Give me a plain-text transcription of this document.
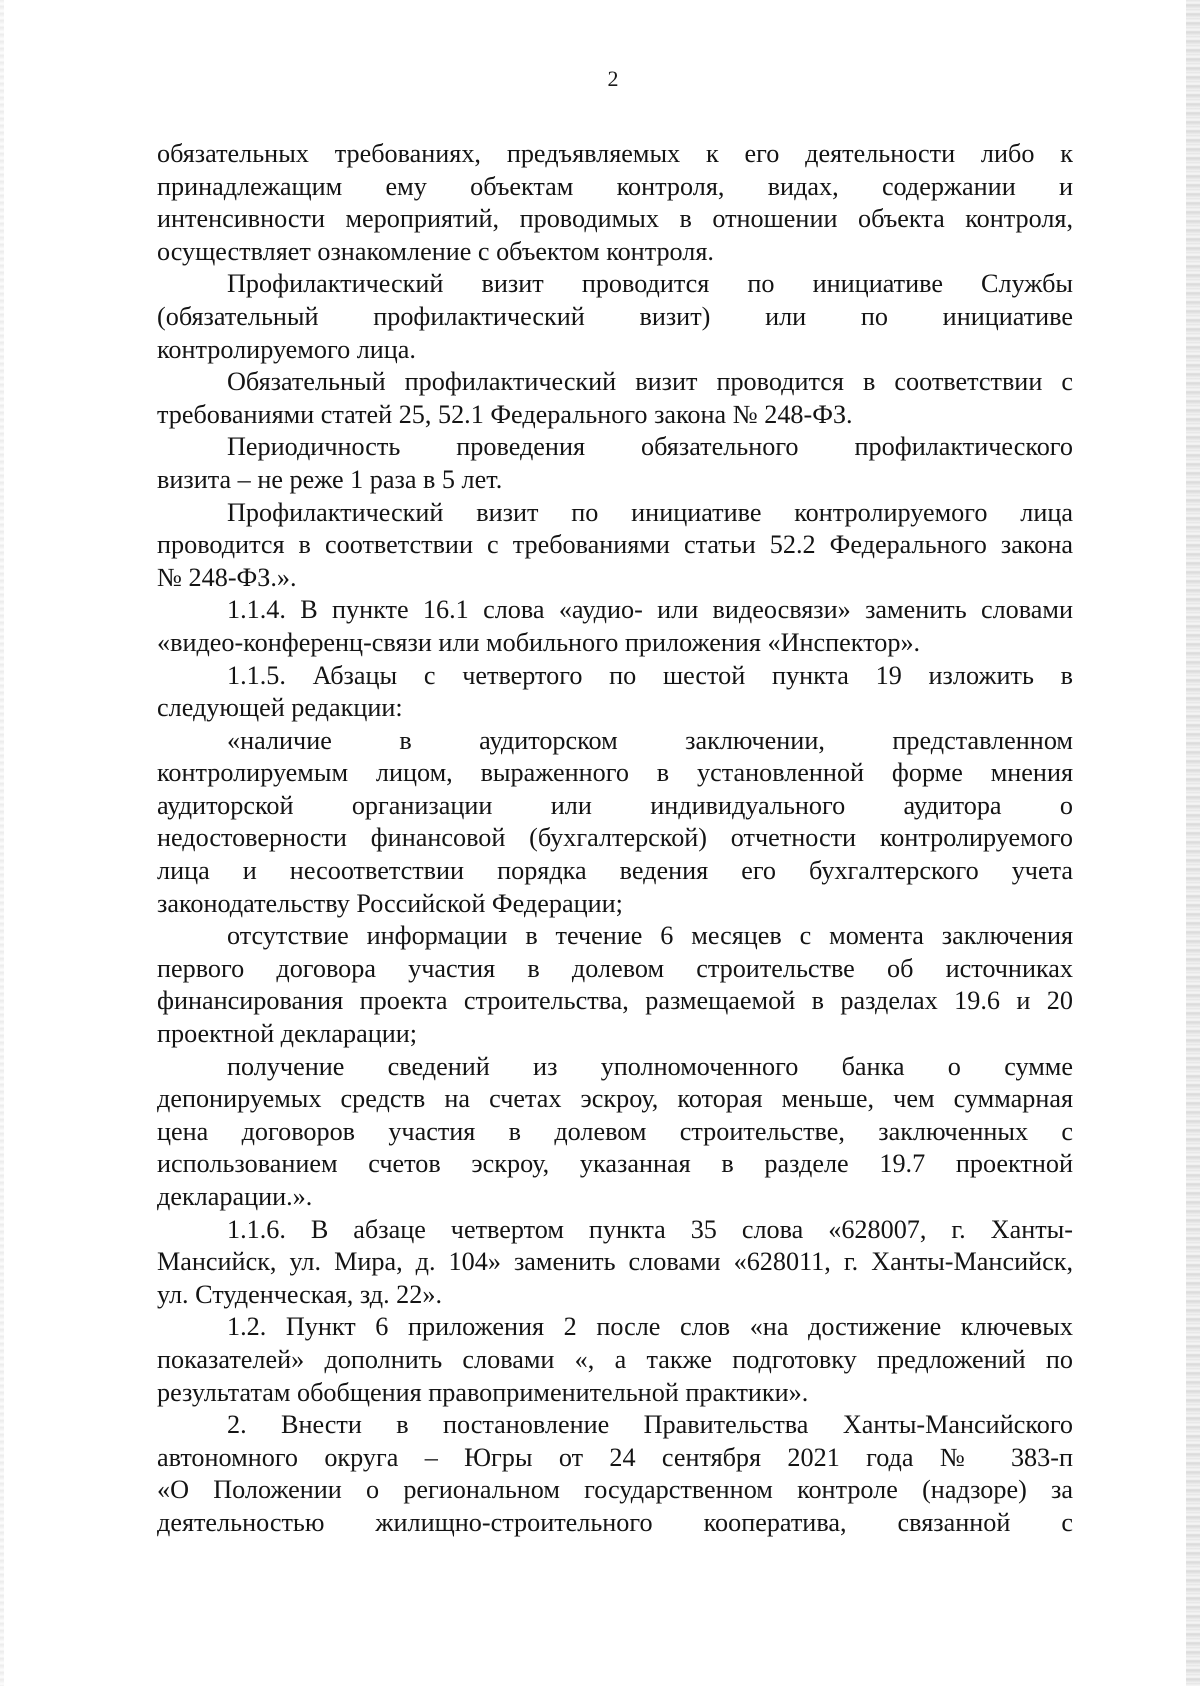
2
обязательных требованиях, предъявляемых к его деятельности либо к
принадлежащим ему объектам контроля, видах, содержании и
интенсивности мероприятий, проводимых в отношении объекта контроля,
осуществляет ознакомление с объектом контроля.
Профилактический визит проводится по инициативе Службы
(обязательный профилактический визит) или по инициативе
контролируемого лица.
Обязательный профилактический визит проводится в соответствии с
требованиями статей 25, 52.1 Федерального закона № 248-ФЗ.
Периодичность проведения обязательного профилактического
визита – не реже 1 раза в 5 лет.
Профилактический визит по инициативе контролируемого лица
проводится в соответствии с требованиями статьи 52.2 Федерального закона
№ 248-ФЗ.».
1.1.4. В пункте 16.1 слова «аудио- или видеосвязи» заменить словами
«видео-конференц-связи или мобильного приложения «Инспектор».
1.1.5. Абзацы с четвертого по шестой пункта 19 изложить в
следующей редакции:
«наличие в аудиторском заключении, представленном
контролируемым лицом, выраженного в установленной форме мнения
аудиторской организации или индивидуального аудитора о
недостоверности финансовой (бухгалтерской) отчетности контролируемого
лица и несоответствии порядка ведения его бухгалтерского учета
законодательству Российской Федерации;
отсутствие информации в течение 6 месяцев с момента заключения
первого договора участия в долевом строительстве об источниках
финансирования проекта строительства, размещаемой в разделах 19.6 и 20
проектной декларации;
получение сведений из уполномоченного банка о сумме
депонируемых средств на счетах эскроу, которая меньше, чем суммарная
цена договоров участия в долевом строительстве, заключенных с
использованием счетов эскроу, указанная в разделе 19.7 проектной
декларации.».
1.1.6. В абзаце четвертом пункта 35 слова «628007, г. Ханты-
Мансийск, ул. Мира, д. 104» заменить словами «628011, г. Ханты-Мансийск,
ул. Студенческая, зд. 22».
1.2. Пункт 6 приложения 2 после слов «на достижение ключевых
показателей» дополнить словами «, а также подготовку предложений по
результатам обобщения правоприменительной практики».
2. Внести в постановление Правительства Ханты-Мансийского
автономного округа – Югры от 24 сентября 2021 года № 383-п
«О Положении о региональном государственном контроле (надзоре) за
деятельностью жилищно-строительного кооператива, связанной с
